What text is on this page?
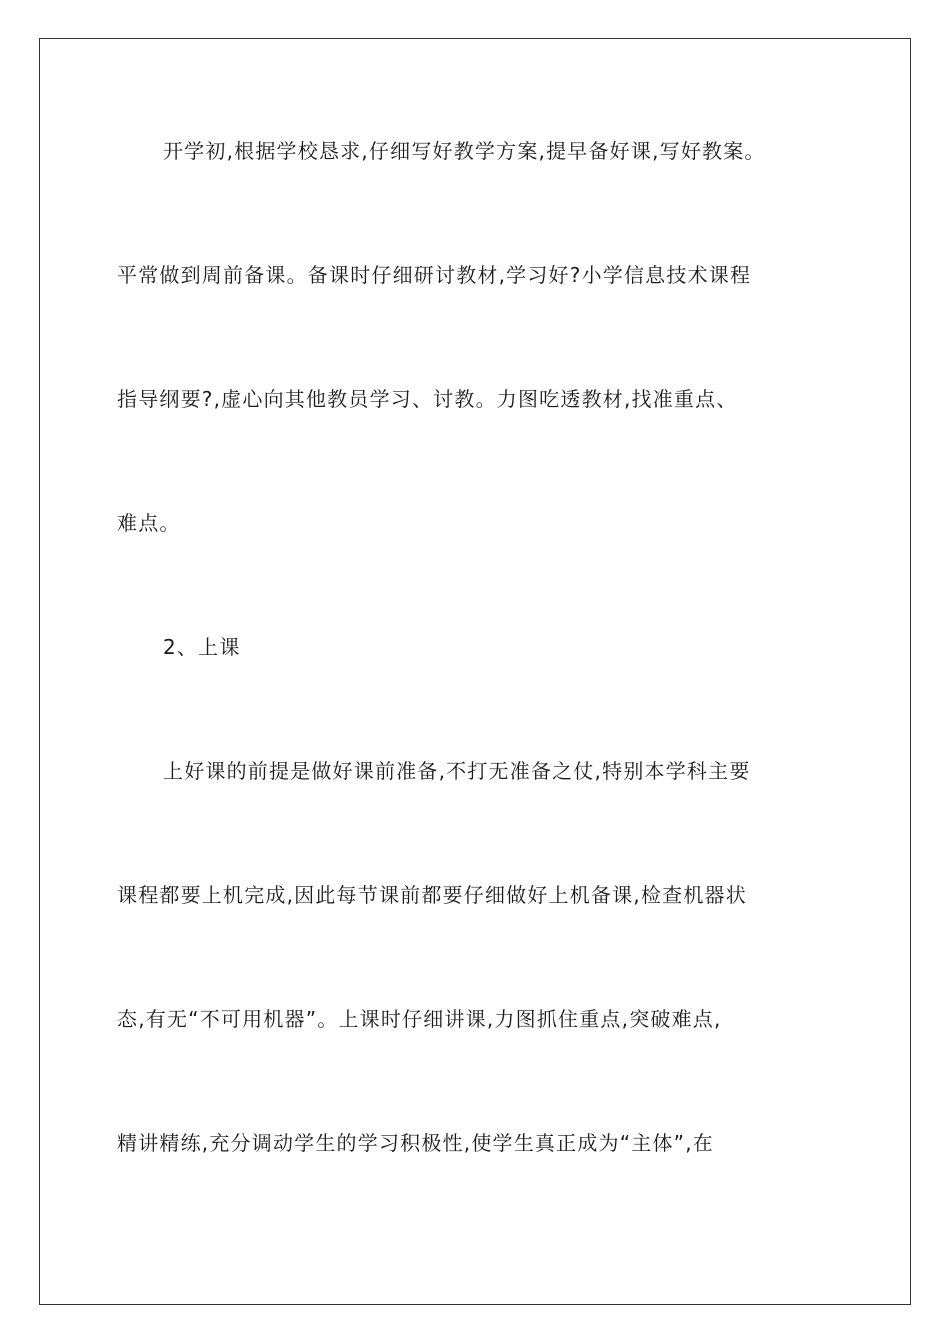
开学初,根据学校恳求,仔细写好教学方案,提早备好课,写好教案。
平常做到周前备课。备课时仔细研讨教材,学习好?小学信息技术课程
指导纲要?,虚心向其他教员学习、讨教。力图吃透教材,找准重点、
难点。
2、上课
上好课的前提是做好课前准备,不打无准备之仗,特别本学科主要
课程都要上机完成,因此每节课前都要仔细做好上机备课,检查机器状
态,有无“不可用机器”。上课时仔细讲课,力图抓住重点,突破难点,
精讲精练,充分调动学生的学习积极性,使学生真正成为“主体”,在
